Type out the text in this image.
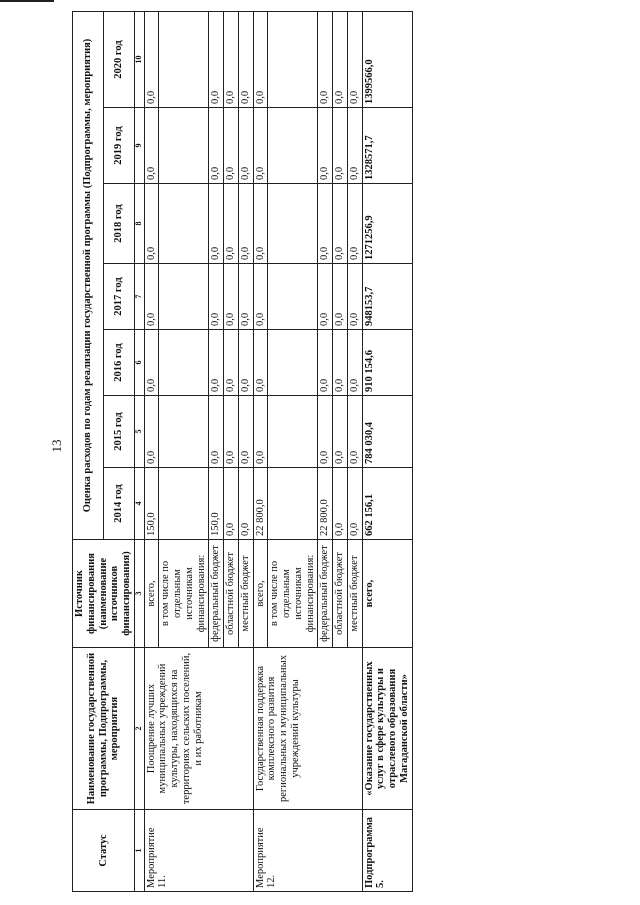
13
Статус	Наименование государственной программы, Подпрограммы, мероприятия	Источник финансирования (наименование источников финансирования)	Оценка расходов по годам реализации государственной программы (Подпрограммы, мероприятия)						
			2014 год	2015 год	2016 год	2017 год	2018 год	2019 год	2020 год
1	2	3	4	5	6	7	8	9	10
Мероприятие 11.	Поощрение лучших муниципальных учреждений культуры, находящихся на территориях сельских поселений, и их работникам	всего,	150,0	0,0	0,0	0,0	0,0	0,0	0,0
		в том числе по отдельным источникам финансирования:							
		федеральный бюджет	150,0	0,0	0,0	0,0	0,0	0,0	0,0
		областной бюджет	0,0	0,0	0,0	0,0	0,0	0,0	0,0
		местный бюджет	0,0	0,0	0,0	0,0	0,0	0,0	0,0
Мероприятие 12.	Государственная поддержка комплексного развития региональных и муниципальных учреждений культуры	всего,	22 800,0	0,0	0,0	0,0	0,0	0,0	0,0
		в том числе по отдельным источникам финансирования:							
		федеральный бюджет	22 800,0	0,0	0,0	0,0	0,0	0,0	0,0
		областной бюджет	0,0	0,0	0,0	0,0	0,0	0,0	0,0
		местный бюджет	0,0	0,0	0,0	0,0	0,0	0,0	0,0
Подпрограмма 5.	«Оказание государственных услуг в сфере культуры и отраслевого образования Магаданской области»	всего,	662 156,1	784 030,4	910 154,6	948153,7	1271256,9	1328571,7	1399566,0
